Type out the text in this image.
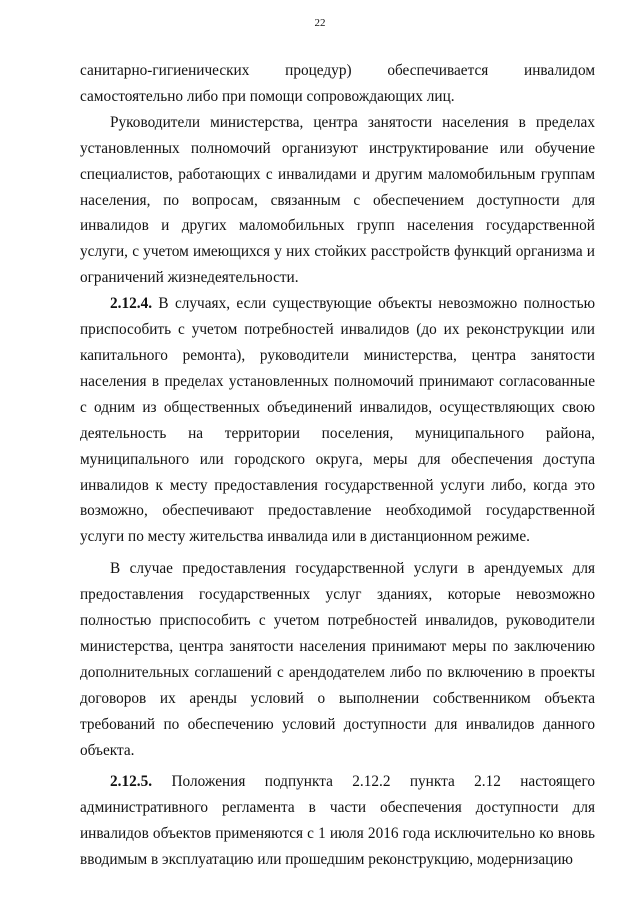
22

санитарно-гигиенических процедур) обеспечивается инвалидом самостоятельно либо при помощи сопровождающих лиц.

Руководители министерства, центра занятости населения в пределах установленных полномочий организуют инструктирование или обучение специалистов, работающих с инвалидами и другим маломобильным группам населения, по вопросам, связанным с обеспечением доступности для инвалидов и других маломобильных групп населения государственной услуги, с учетом имеющихся у них стойких расстройств функций организма и ограничений жизнедеятельности.

2.12.4. В случаях, если существующие объекты невозможно полностью приспособить с учетом потребностей инвалидов (до их реконструкции или капитального ремонта), руководители министерства, центра занятости населения в пределах установленных полномочий принимают согласованные с одним из общественных объединений инвалидов, осуществляющих свою деятельность на территории поселения, муниципального района, муниципального или городского округа, меры для обеспечения доступа инвалидов к месту предоставления государственной услуги либо, когда это возможно, обеспечивают предоставление необходимой государственной услуги по месту жительства инвалида или в дистанционном режиме.

В случае предоставления государственной услуги в арендуемых для предоставления государственных услуг зданиях, которые невозможно полностью приспособить с учетом потребностей инвалидов, руководители министерства, центра занятости населения принимают меры по заключению дополнительных соглашений с арендодателем либо по включению в проекты договоров их аренды условий о выполнении собственником объекта требований по обеспечению условий доступности для инвалидов данного объекта.

2.12.5. Положения подпункта 2.12.2 пункта 2.12 настоящего административного регламента в части обеспечения доступности для инвалидов объектов применяются с 1 июля 2016 года исключительно ко вновь вводимым в эксплуатацию или прошедшим реконструкцию, модернизацию
